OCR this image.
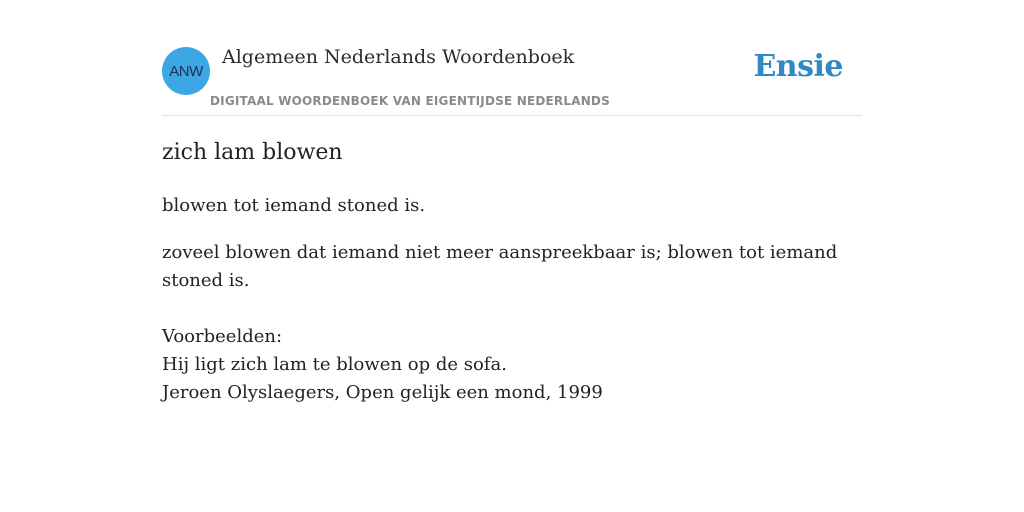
ANW
Algemeen Nederlands Woordenboek
DIGITAAL WOORDENBOEK VAN EIGENTIJDSE NEDERLANDS
Ensie
zich lam blowen
blowen tot iemand stoned is.
zoveel blowen dat iemand niet meer aanspreekbaar is; blowen tot iemand stoned is.
Voorbeelden:
Hij ligt zich lam te blowen op de sofa.
Jeroen Olyslaegers, Open gelijk een mond, 1999
